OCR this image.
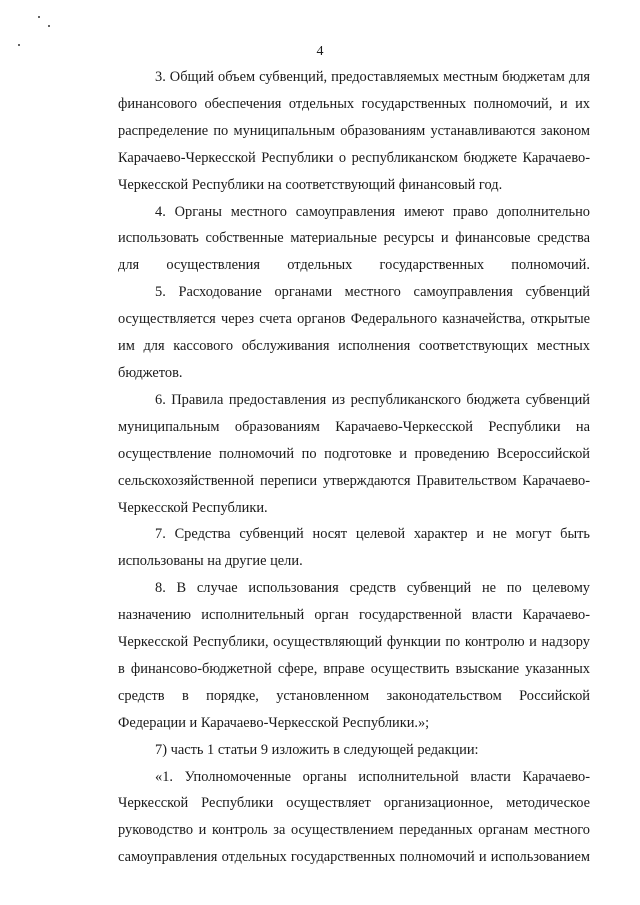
4

3. Общий объем субвенций, предоставляемых местным бюджетам для финансового обеспечения отдельных государственных полномочий, и их распределение по муниципальным образованиям устанавливаются законом Карачаево-Черкесской Республики о республиканском бюджете Карачаево-Черкесской Республики на соответствующий финансовый год.

4. Органы местного самоуправления имеют право дополнительно использовать собственные материальные ресурсы и финансовые средства для осуществления отдельных государственных полномочий.

5. Расходование органами местного самоуправления субвенций осуществляется через счета органов Федерального казначейства, открытые им для кассового обслуживания исполнения соответствующих местных бюджетов.

6. Правила предоставления из республиканского бюджета субвенций муниципальным образованиям Карачаево-Черкесской Республики на осуществление полномочий по подготовке и проведению Всероссийской сельскохозяйственной переписи утверждаются Правительством Карачаево-Черкесской Республики.

7. Средства субвенций носят целевой характер и не могут быть использованы на другие цели.

8. В случае использования средств субвенций не по целевому назначению исполнительный орган государственной власти Карачаево-Черкесской Республики, осуществляющий функции по контролю и надзору в финансово-бюджетной сфере, вправе осуществить взыскание указанных средств в порядке, установленном законодательством Российской Федерации и Карачаево-Черкесской Республики.»;

7) часть 1 статьи 9 изложить в следующей редакции:

«1. Уполномоченные органы исполнительной власти Карачаево-Черкесской Республики осуществляет организационное, методическое руководство и контроль за осуществлением переданных органам местного самоуправления отдельных государственных полномочий и использованием
